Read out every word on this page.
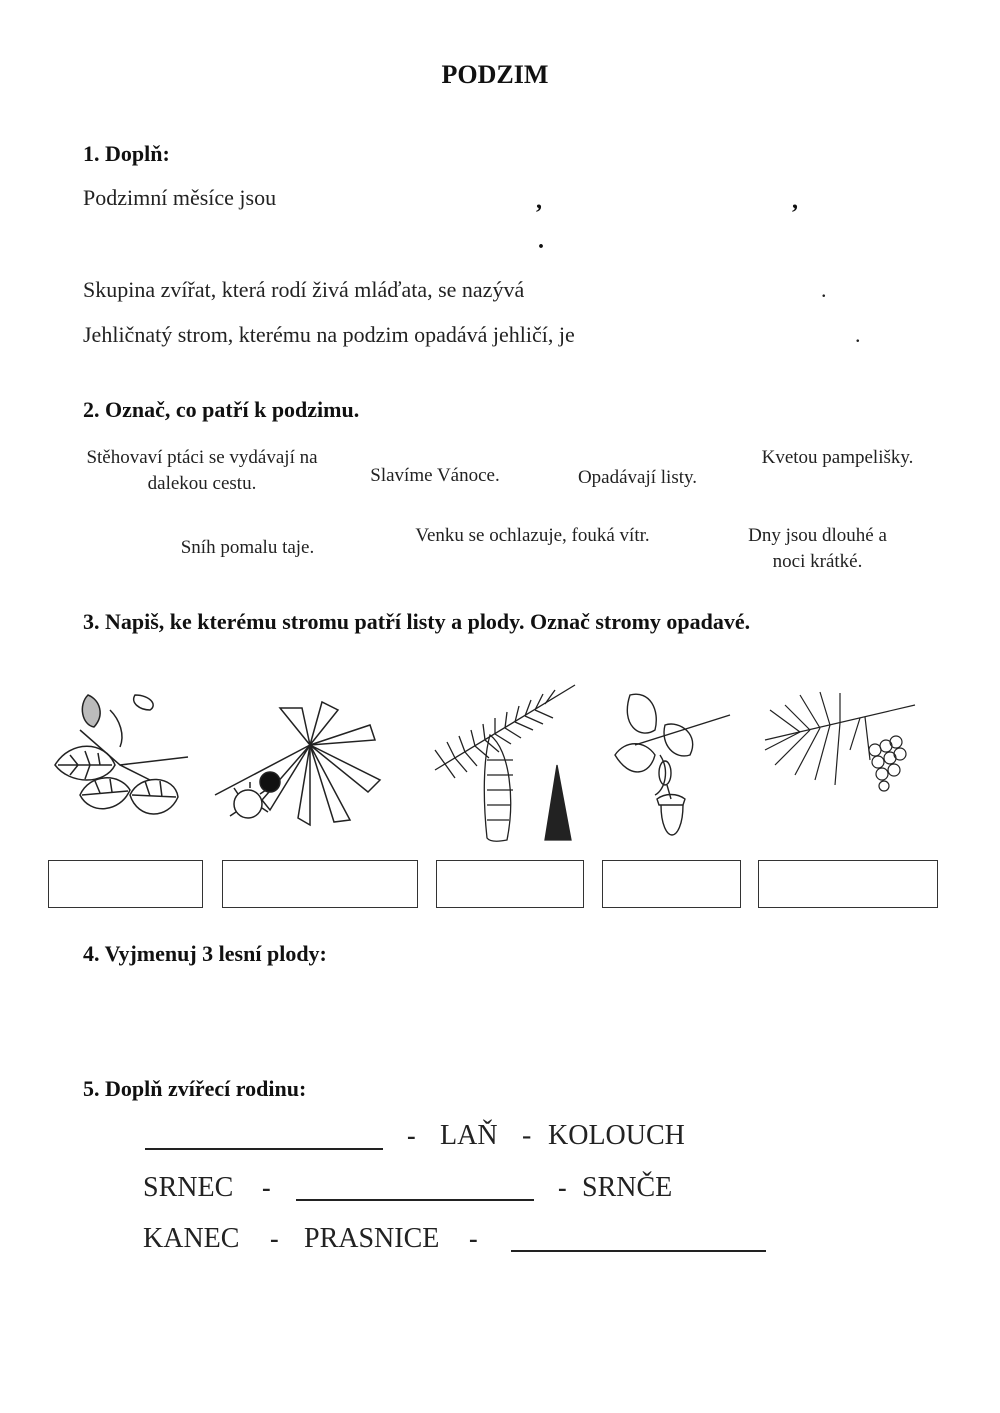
PODZIM
1. Doplň:
Podzimní měsíce jsou	,	,
.
Skupina zvířat, která rodí živá mláďata, se nazývá	.
Jehličnatý strom, kterému na podzim opadává jehličí, je	.
2. Označ, co patří k podzimu.
Stěhovaví ptáci se vydávají na dalekou cestu.	Slavíme Vánoce.	Opadávají listy.
Kvetou pampelišky.
Sníh pomalu taje.
Venku se ochlazuje, fouká vítr.	Dny jsou dlouhé a noci krátké.
3. Napiš, ke kterému stromu patří listy a plody. Označ stromy opadavé.
4. Vyjmenuj 3 lesní plody:
5. Doplň zvířecí rodinu:
- LAŇ - KOLOUCH
SRNEC -	- SRNČE
KANEC - PRASNICE -
